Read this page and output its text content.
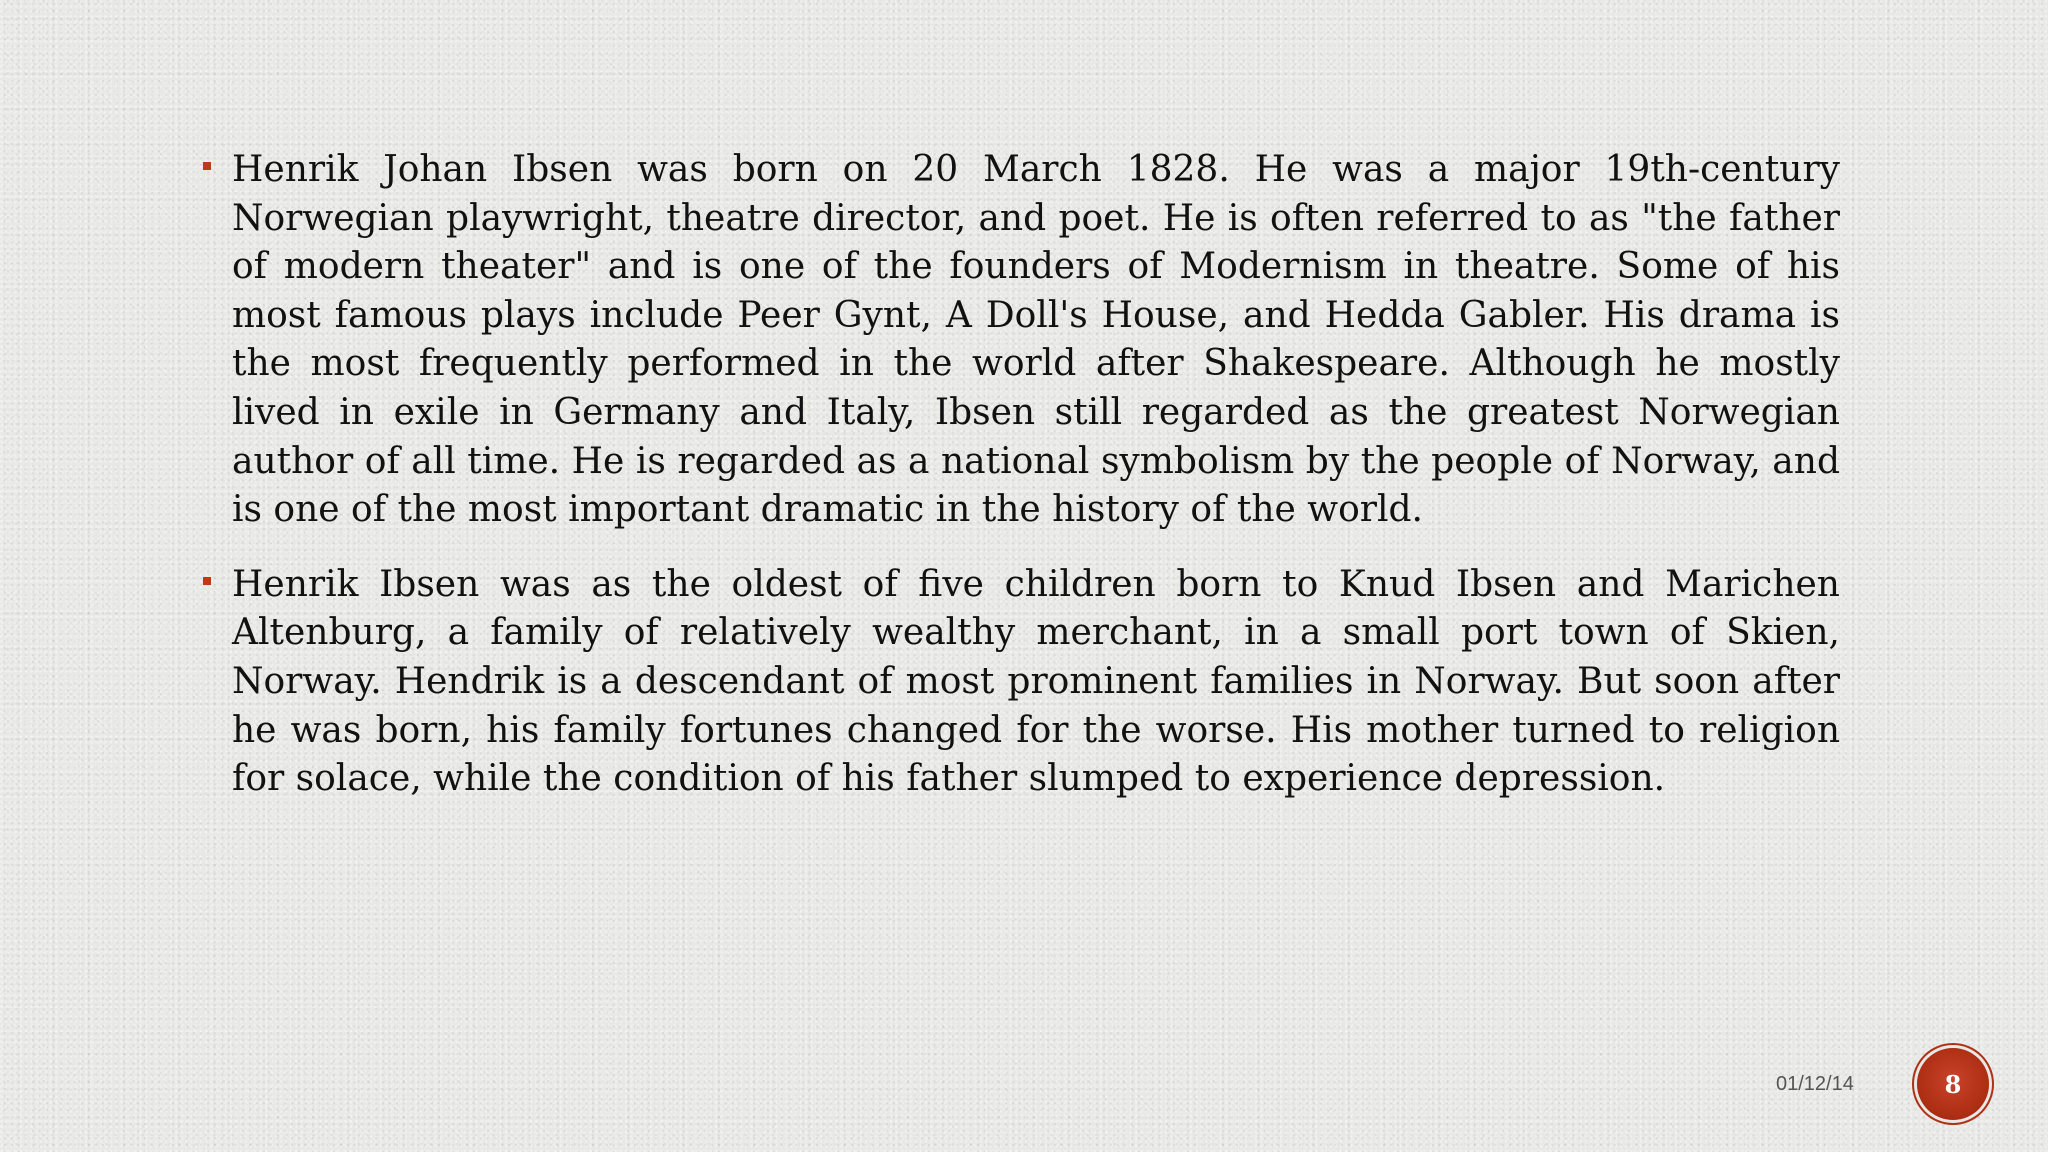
Henrik Johan Ibsen was born on 20 March 1828. He was a major 19th-century Norwegian playwright, theatre director, and poet. He is often referred to as "the father of modern theater" and is one of the founders of Modernism in theatre. Some of his most famous plays include Peer Gynt, A Doll's House, and Hedda Gabler. His drama is the most frequently performed in the world after Shakespeare. Although he mostly lived in exile in Germany and Italy, Ibsen still regarded as the greatest Norwegian author of all time. He is regarded as a national symbolism by the people of Norway, and is one of the most important dramatic in the history of the world.
Henrik Ibsen was as the oldest of five children born to Knud Ibsen and Marichen Altenburg, a family of relatively wealthy merchant, in a small port town of Skien, Norway. Hendrik is a descendant of most prominent families in Norway. But soon after he was born, his family fortunes changed for the worse. His mother turned to religion for solace, while the condition of his father slumped to experience depression.
01/12/14	8
